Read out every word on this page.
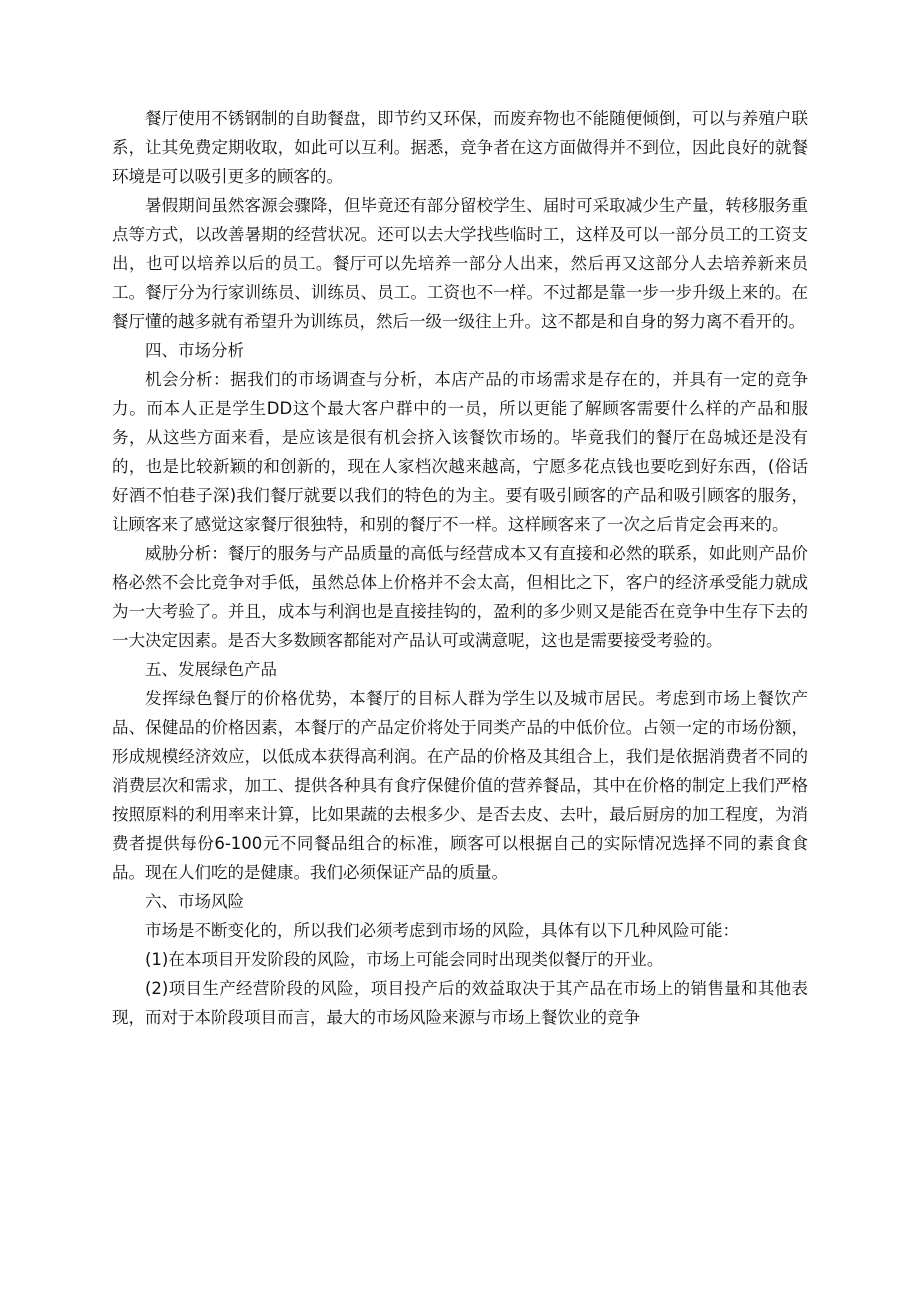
餐厅使用不锈钢制的自助餐盘，即节约又环保，而废弃物也不能随便倾倒，可以与养殖户联系，让其免费定期收取，如此可以互利。据悉，竞争者在这方面做得并不到位，因此良好的就餐环境是可以吸引更多的顾客的。

暑假期间虽然客源会骤降，但毕竟还有部分留校学生、届时可采取减少生产量，转移服务重点等方式，以改善暑期的经营状况。还可以去大学找些临时工，这样及可以一部分员工的工资支出，也可以培养以后的员工。餐厅可以先培养一部分人出来，然后再又这部分人去培养新来员工。餐厅分为行家训练员、训练员、员工。工资也不一样。不过都是靠一步一步升级上来的。在餐厅懂的越多就有希望升为训练员，然后一级一级往上升。这不都是和自身的努力离不看开的。

四、市场分析

机会分析：据我们的市场调查与分析，本店产品的市场需求是存在的，并具有一定的竞争力。而本人正是学生DD这个最大客户群中的一员，所以更能了解顾客需要什么样的产品和服务，从这些方面来看，是应该是很有机会挤入该餐饮市场的。毕竟我们的餐厅在岛城还是没有的，也是比较新颖的和创新的，现在人家档次越来越高，宁愿多花点钱也要吃到好东西，(俗话好酒不怕巷子深)我们餐厅就要以我们的特色的为主。要有吸引顾客的产品和吸引顾客的服务，让顾客来了感觉这家餐厅很独特，和别的餐厅不一样。这样顾客来了一次之后肯定会再来的。

威胁分析：餐厅的服务与产品质量的高低与经营成本又有直接和必然的联系，如此则产品价格必然不会比竞争对手低，虽然总体上价格并不会太高，但相比之下，客户的经济承受能力就成为一大考验了。并且，成本与利润也是直接挂钩的，盈利的多少则又是能否在竞争中生存下去的一大决定因素。是否大多数顾客都能对产品认可或满意呢，这也是需要接受考验的。

五、发展绿色产品

发挥绿色餐厅的价格优势，本餐厅的目标人群为学生以及城市居民。考虑到市场上餐饮产品、保健品的价格因素，本餐厅的产品定价将处于同类产品的中低价位。占领一定的市场份额，形成规模经济效应，以低成本获得高利润。在产品的价格及其组合上，我们是依据消费者不同的消费层次和需求，加工、提供各种具有食疗保健价值的营养餐品，其中在价格的制定上我们严格按照原料的利用率来计算，比如果蔬的去根多少、是否去皮、去叶，最后厨房的加工程度，为消费者提供每份6-100元不同餐品组合的标准，顾客可以根据自己的实际情况选择不同的素食食品。现在人们吃的是健康。我们必须保证产品的质量。

六、市场风险

市场是不断变化的，所以我们必须考虑到市场的风险，具体有以下几种风险可能：

(1)在本项目开发阶段的风险，市场上可能会同时出现类似餐厅的开业。

(2)项目生产经营阶段的风险，项目投产后的效益取决于其产品在市场上的销售量和其他表现，而对于本阶段项目而言，最大的市场风险来源与市场上餐饮业的竞争
